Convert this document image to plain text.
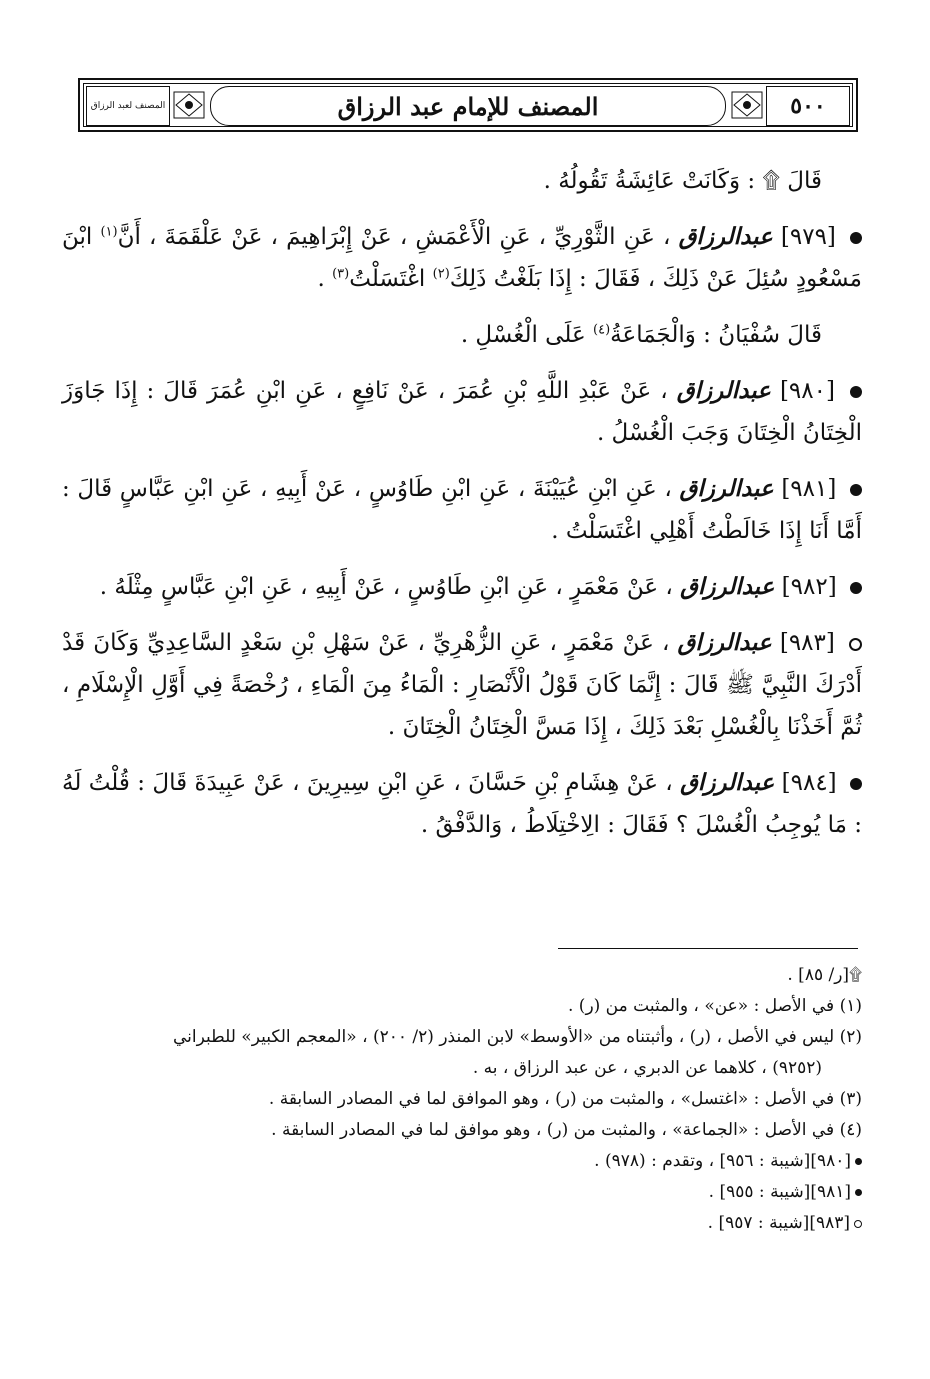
٥٠٠
المصنف للإمام عبد الرزاق
المصنف لعبد الرزاق

قَالَ ۩ : وَكَانَتْ عَائِشَةُ تَقُولُهُ .

[٩٧٩] عبدالرزاق ، عَنِ الثَّوْرِيِّ ، عَنِ الْأَعْمَشِ ، عَنْ إِبْرَاهِيمَ ، عَنْ عَلْقَمَةَ ، أَنَّ$^{(١)}$ ابْنَ مَسْعُودٍ سُئِلَ عَنْ ذَلِكَ ، فَقَالَ : إِذَا بَلَغْتُ ذَلِكَ$^{(٢)}$ اغْتَسَلْتُ$^{(٣)}$ .

قَالَ سُفْيَانُ : وَالْجَمَاعَةُ$^{(٤)}$ عَلَى الْغُسْلِ .

[٩٨٠] عبدالرزاق ، عَنْ عَبْدِ اللَّهِ بْنِ عُمَرَ ، عَنْ نَافِعٍ ، عَنِ ابْنِ عُمَرَ قَالَ : إِذَا جَاوَزَ الْخِتَانُ الْخِتَانَ وَجَبَ الْغُسْلُ .

[٩٨١] عبدالرزاق ، عَنِ ابْنِ عُيَيْنَةَ ، عَنِ ابْنِ طَاوُسٍ ، عَنْ أَبِيهِ ، عَنِ ابْنِ عَبَّاسٍ قَالَ : أَمَّا أَنَا إِذَا خَالَطْتُ أَهْلِي اغْتَسَلْتُ .

[٩٨٢] عبدالرزاق ، عَنْ مَعْمَرٍ ، عَنِ ابْنِ طَاوُسٍ ، عَنْ أَبِيهِ ، عَنِ ابْنِ عَبَّاسٍ مِثْلَهُ .

[٩٨٣] عبدالرزاق ، عَنْ مَعْمَرٍ ، عَنِ الزُّهْرِيِّ ، عَنْ سَهْلِ بْنِ سَعْدٍ السَّاعِدِيِّ وَكَانَ قَدْ أَدْرَكَ النَّبِيَّ ﷺ قَالَ : إِنَّمَا كَانَ قَوْلُ الْأَنْصَارِ : الْمَاءُ مِنَ الْمَاءِ ، رُخْصَةً فِي أَوَّلِ الْإِسْلَامِ ، ثُمَّ أَخَذْنَا بِالْغُسْلِ بَعْدَ ذَلِكَ ، إِذَا مَسَّ الْخِتَانُ الْخِتَانَ .

[٩٨٤] عبدالرزاق ، عَنْ هِشَامِ بْنِ حَسَّانَ ، عَنِ ابْنِ سِيرِينَ ، عَنْ عَبِيدَةَ قَالَ : قُلْتُ لَهُ : مَا يُوجِبُ الْغُسْلَ ؟ فَقَالَ : الِاخْتِلَاطُ ، وَالدَّفْقُ .

۩[ر/ ٨٥] .

(١) في الأصل : «عن» ، والمثبت من (ر) .

(٢) ليس في الأصل ، (ر) ، وأثبتناه من «الأوسط» لابن المنذر (٢/ ٢٠٠) ، «المعجم الكبير» للطبراني

(٩٢٥٢) ، كلاهما عن الدبري ، عن عبد الرزاق ، به .

(٣) في الأصل : «اغتسل» ، والمثبت من (ر) ، وهو الموافق لما في المصادر السابقة .

(٤) في الأصل : «الجماعة» ، والمثبت من (ر) ، وهو موافق لما في المصادر السابقة .

[٩٨٠][شيبة : ٩٥٦] ، وتقدم : (٩٧٨) .

[٩٨١][شيبة : ٩٥٥] .

[٩٨٣][شيبة : ٩٥٧] .
